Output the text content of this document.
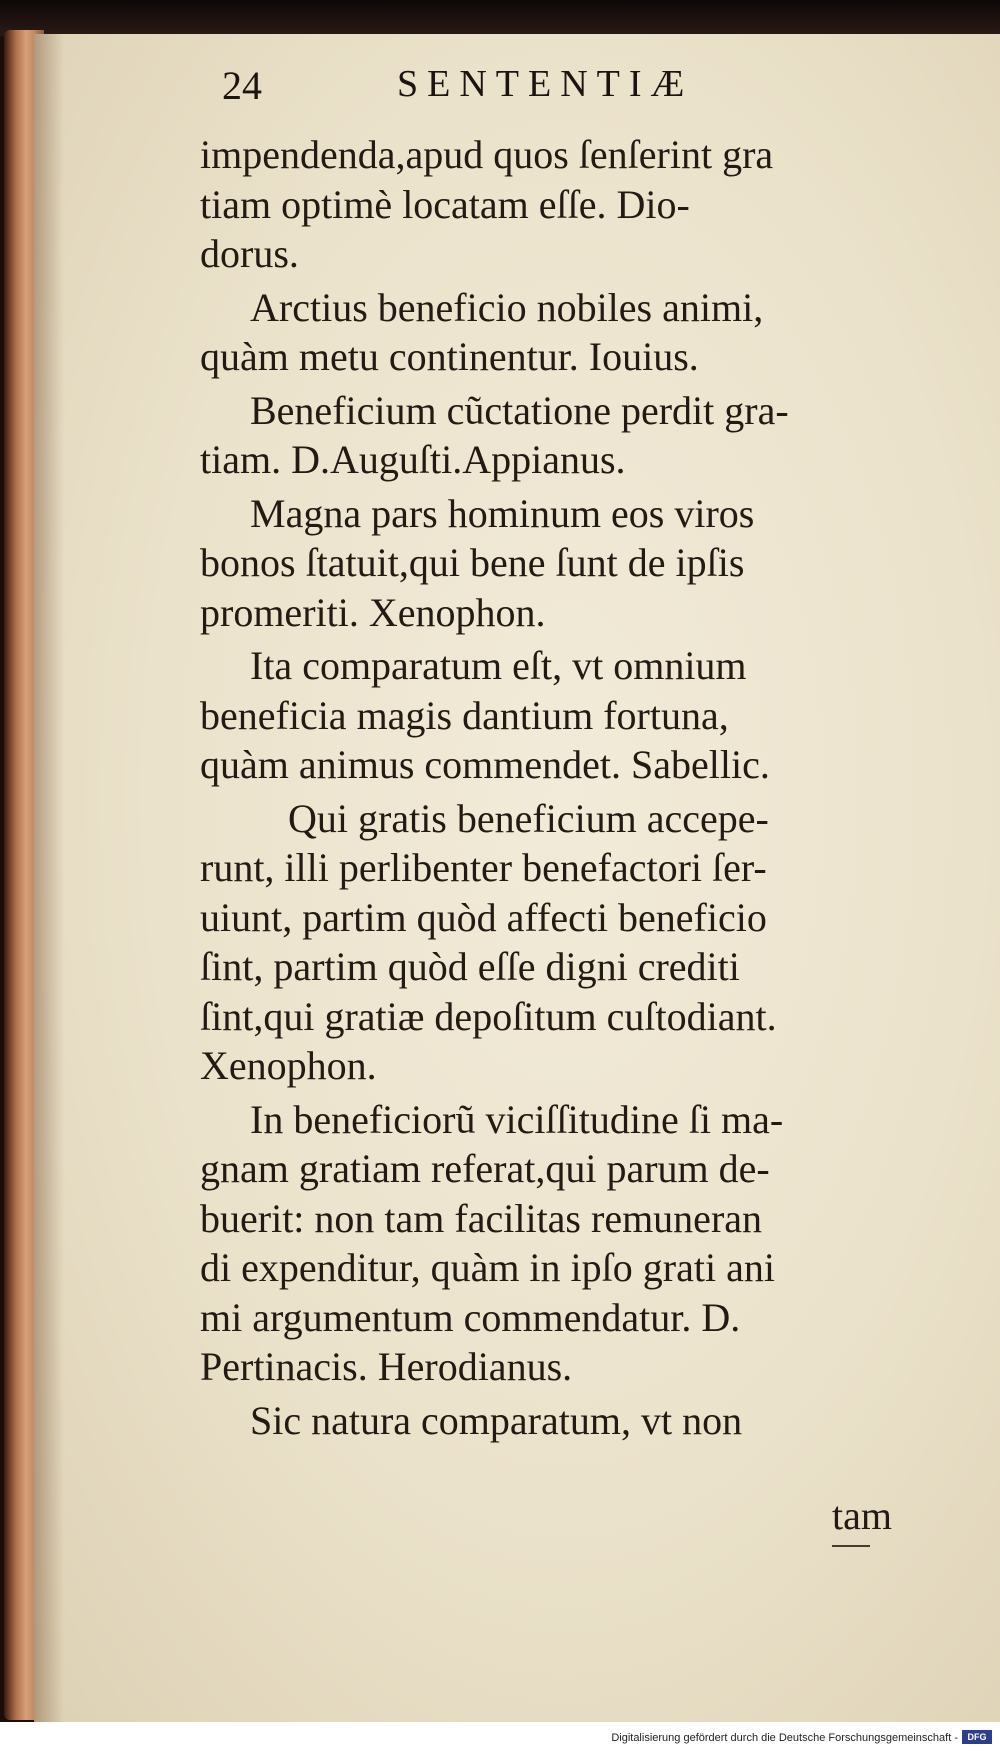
24	SENTENTIÆ
impendenda,apud quos ſenſerint gra
tiam optimè locatam eſſe. Dio-
dorus.
Arctius beneficio nobiles animi,
quàm metu continentur. Iouius.
Beneficium cũctatione perdit gra-
tiam. D.Auguſti.Appianus.
Magna pars hominum eos viros
bonos ſtatuit,qui bene ſunt de ipſis
promeriti. Xenophon.
Ita comparatum eſt, vt omnium
beneficia magis dantium fortuna,
quàm animus commendet. Sabellic.
Qui gratis beneficium accepe-
runt, illi perlibenter benefactori ſer-
uiunt, partim quòd affecti beneficio
ſint, partim quòd eſſe digni crediti
ſint,qui gratiæ depoſitum cuſtodiant.
Xenophon.
In beneficiorũ viciſſitudine ſi ma-
gnam gratiam referat,qui parum de-
buerit: non tam facilitas remuneran
di expenditur, quàm in ipſo grati ani
mi argumentum commendatur. D.
Pertinacis. Herodianus.
Sic natura comparatum, vt non
tam
Digitalisierung gefördert durch die Deutsche Forschungsgemeinschaft -	DFG
